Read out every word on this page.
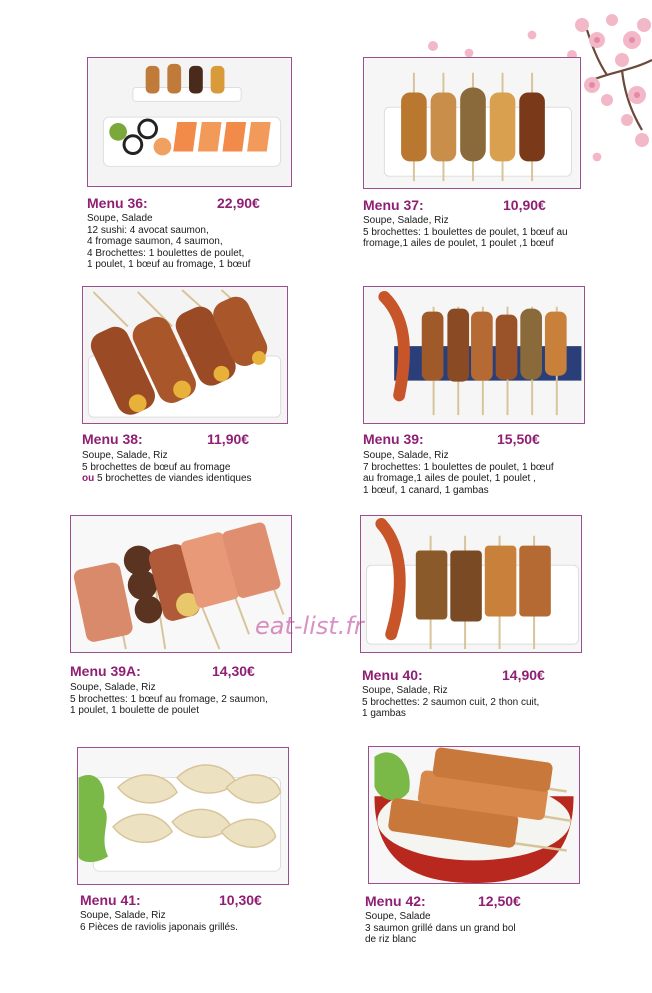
Menu 36:	22,90€
Soupe, Salade
12 sushi: 4 avocat saumon,
4 fromage saumon, 4 saumon,
4 Brochettes: 1 boulettes de poulet,
1 poulet, 1 bœuf au fromage, 1 bœuf
Menu 37:	10,90€
Soupe, Salade, Riz
5 brochettes: 1 boulettes de poulet, 1 bœuf au
fromage,1 ailes de poulet, 1 poulet ,1 bœuf
Menu 38:	11,90€
Soupe, Salade, Riz
5 brochettes de bœuf au fromage
ou 5 brochettes de viandes identiques
Menu 39:	15,50€
Soupe, Salade, Riz
7 brochettes: 1 boulettes de poulet, 1 bœuf
au fromage,1 ailes de poulet, 1 poulet ,
1 bœuf, 1 canard, 1 gambas
Menu 39A:	14,30€
Soupe, Salade, Riz
5 brochettes: 1 bœuf au fromage, 2 saumon,
1 poulet, 1 boulette de poulet
Menu 40:	14,90€
Soupe, Salade, Riz
5 brochettes: 2 saumon cuit, 2 thon cuit,
1 gambas
Menu 41:	10,30€
Soupe, Salade, Riz
6 Pièces de raviolis japonais grillés.
Menu 42:	12,50€
Soupe, Salade
3 saumon grillé dans un grand bol
de riz blanc
eat-list.fr
